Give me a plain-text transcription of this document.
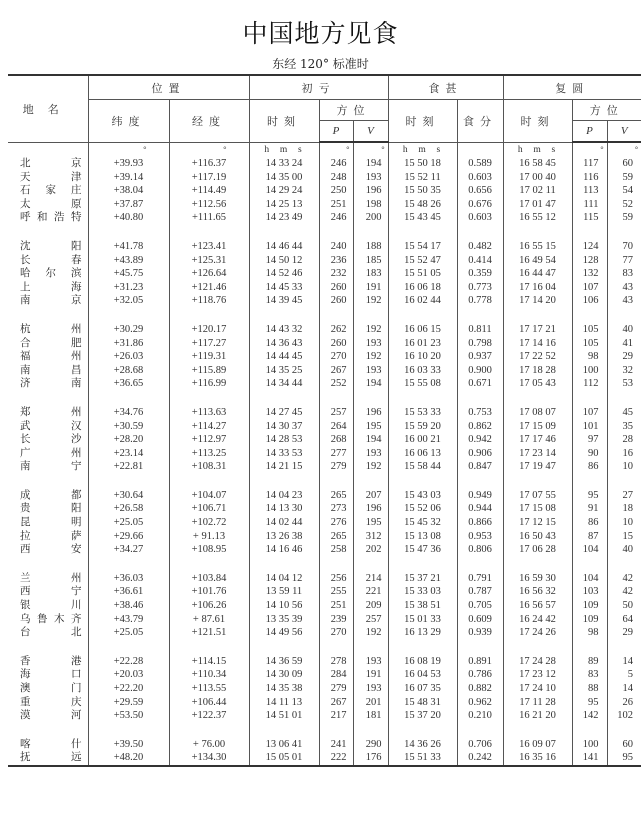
中国地方见食
东经 120° 标准时
地名	位置		初亏			食甚		复圆		
	纬度	经度	时刻	方位		时刻	食分	时刻	方位	
				P	V				P	V
	°	°	h  m  s	°	°	h  m  s		h  m  s	°	°
北京	+39.93	+116.37	14 33 24	246	194	15 50 18	0.589	16 58 45	117	60
天津	+39.14	+117.19	14 35 00	248	193	15 52 11	0.603	17 00 40	116	59
石家庄	+38.04	+114.49	14 29 24	250	196	15 50 35	0.656	17 02 11	113	54
太原	+37.87	+112.56	14 25 13	251	198	15 48 26	0.676	17 01 47	111	52
呼和浩特	+40.80	+111.65	14 23 49	246	200	15 43 45	0.603	16 55 12	115	59

沈阳	+41.78	+123.41	14 46 44	240	188	15 54 17	0.482	16 55 15	124	70
长春	+43.89	+125.31	14 50 12	236	185	15 52 47	0.414	16 49 54	128	77
哈尔滨	+45.75	+126.64	14 52 46	232	183	15 51 05	0.359	16 44 47	132	83
上海	+31.23	+121.46	14 45 33	260	191	16 06 18	0.773	17 16 04	107	43
南京	+32.05	+118.76	14 39 45	260	192	16 02 44	0.778	17 14 20	106	43

杭州	+30.29	+120.17	14 43 32	262	192	16 06 15	0.811	17 17 21	105	40
合肥	+31.86	+117.27	14 36 43	260	193	16 01 23	0.798	17 14 16	105	41
福州	+26.03	+119.31	14 44 45	270	192	16 10 20	0.937	17 22 52	98	29
南昌	+28.68	+115.89	14 35 25	267	193	16 03 33	0.900	17 18 28	100	32
济南	+36.65	+116.99	14 34 44	252	194	15 55 08	0.671	17 05 43	112	53

郑州	+34.76	+113.63	14 27 45	257	196	15 53 33	0.753	17 08 07	107	45
武汉	+30.59	+114.27	14 30 37	264	195	15 59 20	0.862	17 15 09	101	35
长沙	+28.20	+112.97	14 28 53	268	194	16 00 21	0.942	17 17 46	97	28
广州	+23.14	+113.25	14 33 53	277	193	16 06 13	0.906	17 23 14	90	16
南宁	+22.81	+108.31	14 21 15	279	192	15 58 44	0.847	17 19 47	86	10

成都	+30.64	+104.07	14 04 23	265	207	15 43 03	0.949	17 07 55	95	27
贵阳	+26.58	+106.71	14 13 30	273	196	15 52 06	0.944	17 15 08	91	18
昆明	+25.05	+102.72	14 02 44	276	195	15 45 32	0.866	17 12 15	86	10
拉萨	+29.66	+ 91.13	13 26 38	265	312	15 13 08	0.953	16 50 43	87	15
西安	+34.27	+108.95	14 16 46	258	202	15 47 36	0.806	17 06 28	104	40

兰州	+36.03	+103.84	14 04 12	256	214	15 37 21	0.791	16 59 30	104	42
西宁	+36.61	+101.76	13 59 11	255	221	15 33 03	0.787	16 56 32	103	42
银川	+38.46	+106.26	14 10 56	251	209	15 38 51	0.705	16 56 57	109	50
乌鲁木齐	+43.79	+ 87.61	13 35 39	239	257	15 01 33	0.609	16 24 42	109	64
台北	+25.05	+121.51	14 49 56	270	192	16 13 29	0.939	17 24 26	98	29

香港	+22.28	+114.15	14 36 59	278	193	16 08 19	0.891	17 24 28	89	14
海口	+20.03	+110.34	14 30 09	284	191	16 04 53	0.786	17 23 12	83	5
澳门	+22.20	+113.55	14 35 38	279	193	16 07 35	0.882	17 24 10	88	14
重庆	+29.59	+106.44	14 11 13	267	201	15 48 31	0.962	17 11 28	95	26
漠河	+53.50	+122.37	14 51 01	217	181	15 37 20	0.210	16 21 20	142	102

喀什	+39.50	+ 76.00	13 06 41	241	290	14 36 26	0.706	16 09 07	100	60
抚远	+48.20	+134.30	15 05 01	222	176	15 51 33	0.242	16 35 16	141	95
